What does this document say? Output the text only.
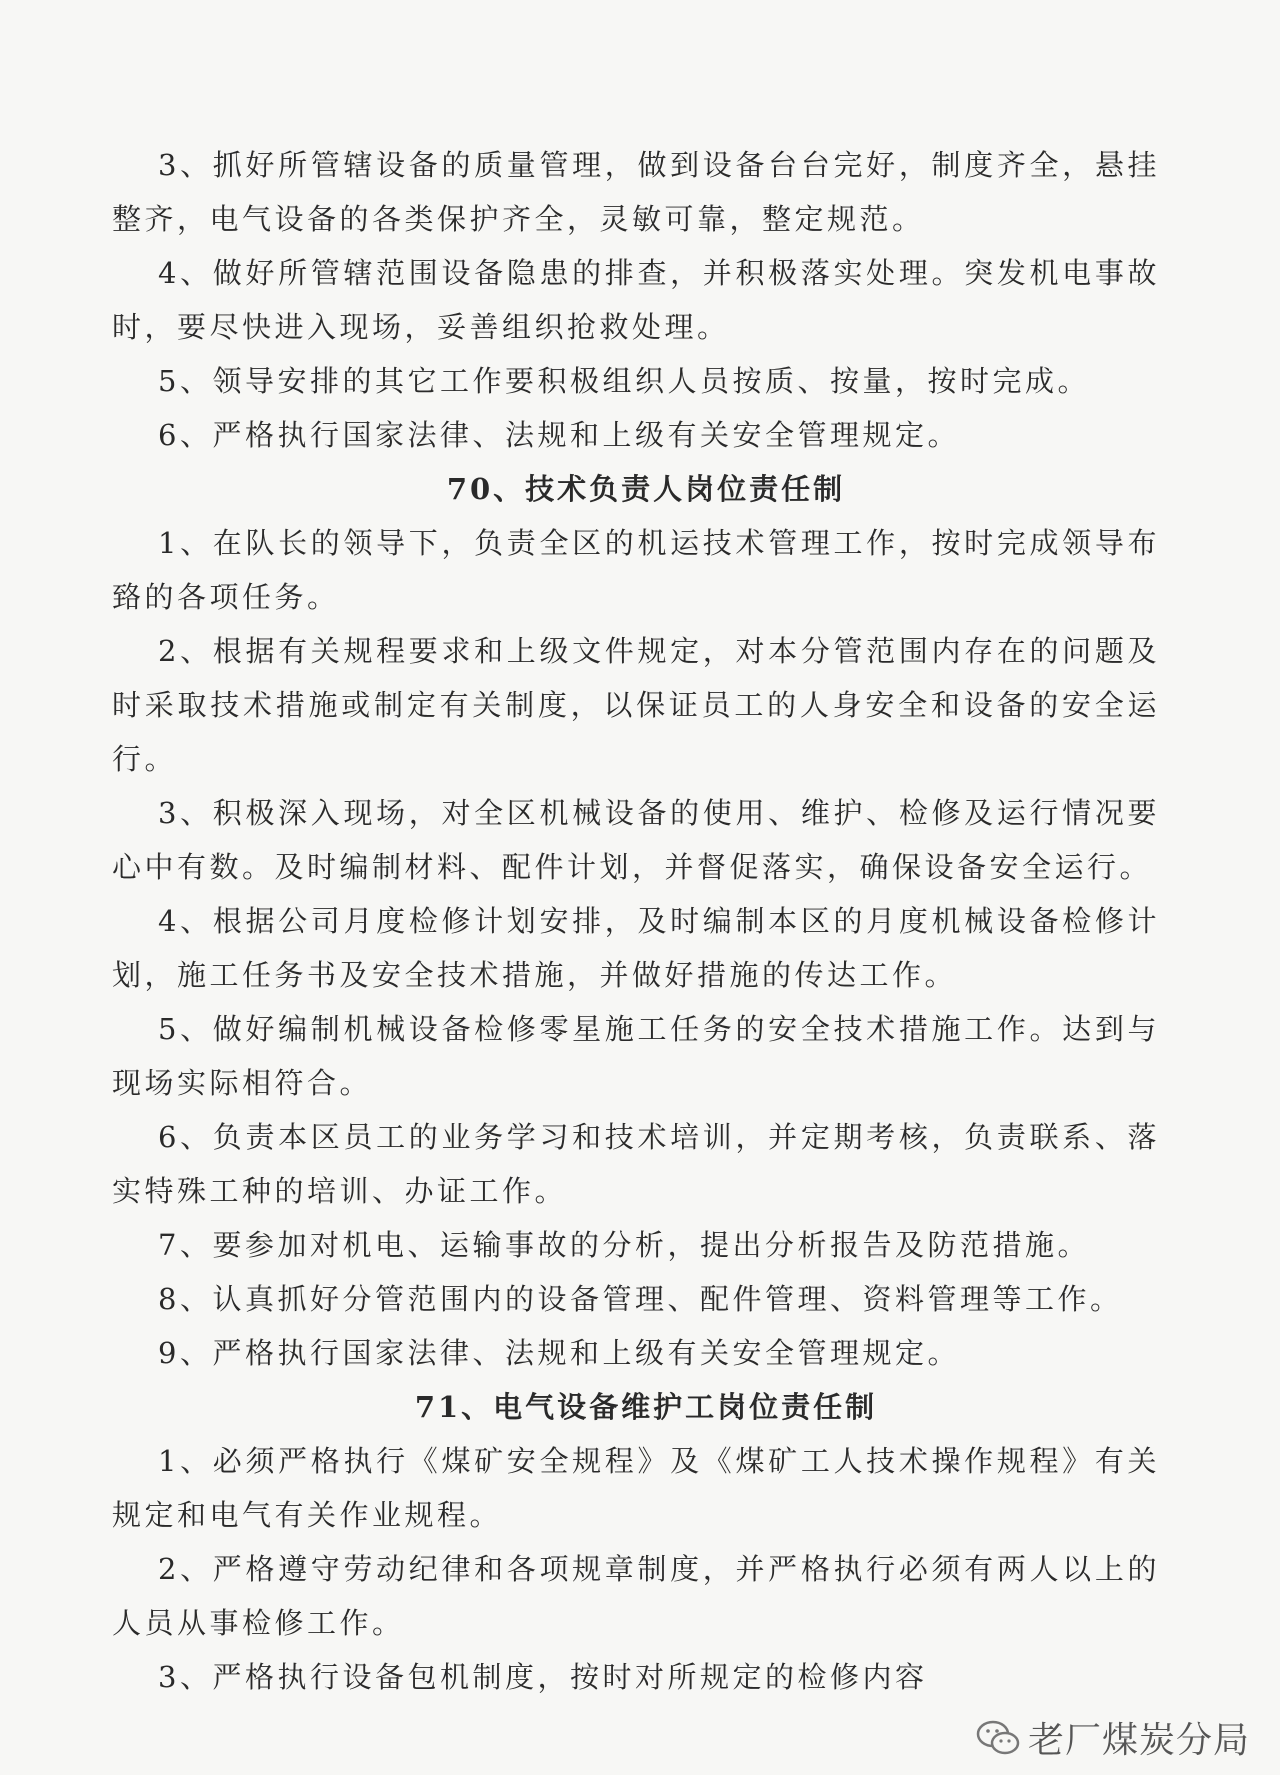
3、抓好所管辖设备的质量管理，做到设备台台完好，制度齐全，悬挂整齐，电气设备的各类保护齐全，灵敏可靠，整定规范。

4、做好所管辖范围设备隐患的排查，并积极落实处理。突发机电事故时，要尽快进入现场，妥善组织抢救处理。

5、领导安排的其它工作要积极组织人员按质、按量，按时完成。

6、严格执行国家法律、法规和上级有关安全管理规定。

70、技术负责人岗位责任制

1、在队长的领导下，负责全区的机运技术管理工作，按时完成领导布臵的各项任务。

2、根据有关规程要求和上级文件规定，对本分管范围内存在的问题及时采取技术措施或制定有关制度，以保证员工的人身安全和设备的安全运行。

3、积极深入现场，对全区机械设备的使用、维护、检修及运行情况要心中有数。及时编制材料、配件计划，并督促落实，确保设备安全运行。

4、根据公司月度检修计划安排，及时编制本区的月度机械设备检修计划，施工任务书及安全技术措施，并做好措施的传达工作。

5、做好编制机械设备检修零星施工任务的安全技术措施工作。达到与现场实际相符合。

6、负责本区员工的业务学习和技术培训，并定期考核，负责联系、落实特殊工种的培训、办证工作。

7、要参加对机电、运输事故的分析，提出分析报告及防范措施。

8、认真抓好分管范围内的设备管理、配件管理、资料管理等工作。

9、严格执行国家法律、法规和上级有关安全管理规定。

71、电气设备维护工岗位责任制

1、必须严格执行《煤矿安全规程》及《煤矿工人技术操作规程》有关规定和电气有关作业规程。

2、严格遵守劳动纪律和各项规章制度，并严格执行必须有两人以上的人员从事检修工作。

3、严格执行设备包机制度，按时对所规定的检修内容

老厂煤炭分局
